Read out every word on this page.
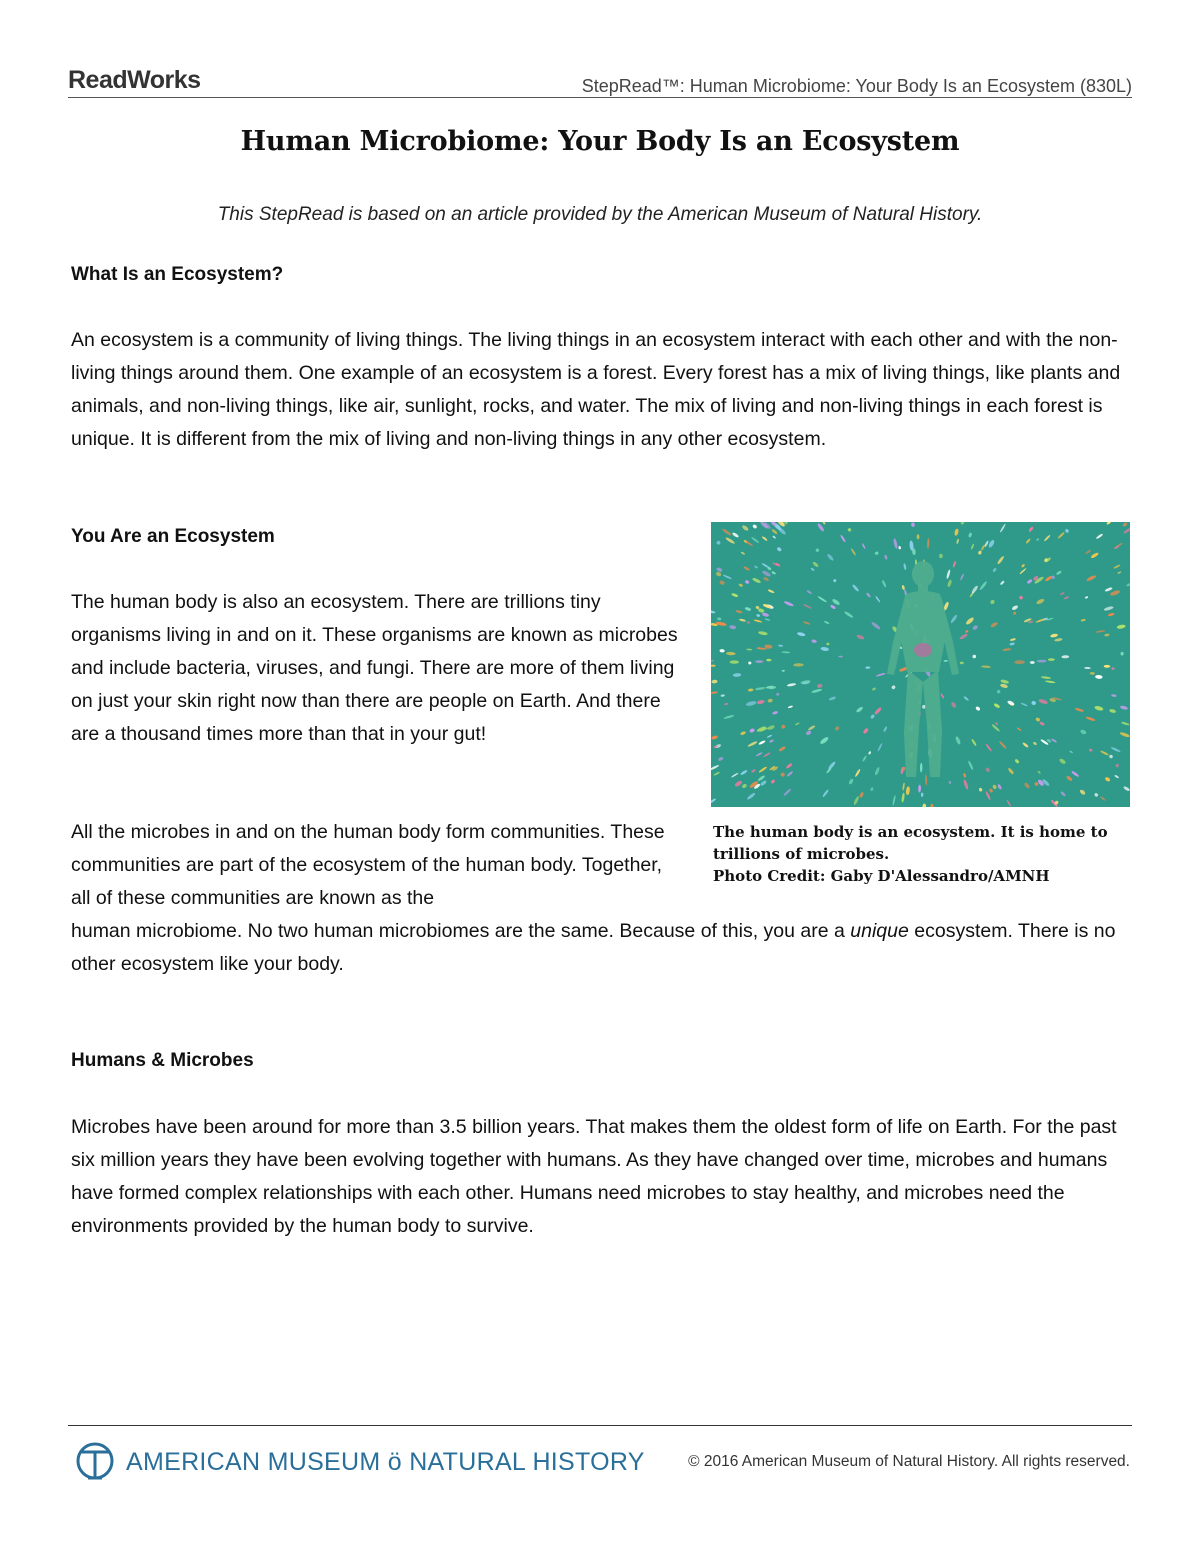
ReadWorks	StepRead™: Human Microbiome: Your Body Is an Ecosystem (830L)
Human Microbiome: Your Body Is an Ecosystem
This StepRead is based on an article provided by the American Museum of Natural History.
What Is an Ecosystem?
An ecosystem is a community of living things. The living things in an ecosystem interact with each other and with the non-living things around them. One example of an ecosystem is a forest. Every forest has a mix of living things, like plants and animals, and non-living things, like air, sunlight, rocks, and water. The mix of living and non-living things in each forest is unique. It is different from the mix of living and non-living things in any other ecosystem.
You Are an Ecosystem
The human body is also an ecosystem. There are trillions tiny organisms living in and on it. These organisms are known as microbes and include bacteria, viruses, and fungi. There are more of them living on just your skin right now than there are people on Earth. And there are a thousand times more than that in your gut!
All the microbes in and on the human body form communities. These communities are part of the ecosystem of the human body. Together, all of these communities are known as the
human microbiome. No two human microbiomes are the same. Because of this, you are a unique ecosystem. There is no other ecosystem like your body.
Humans & Microbes
Microbes have been around for more than 3.5 billion years. That makes them the oldest form of life on Earth. For the past six million years they have been evolving together with humans. As they have changed over time, microbes and humans have formed complex relationships with each other. Humans need microbes to stay healthy, and microbes need the environments provided by the human body to survive.
The human body is an ecosystem. It is home to trillions of microbes.
Photo Credit: Gaby D'Alessandro/AMNH
AMERICAN MUSEUM ö NATURAL HISTORY	© 2016 American Museum of Natural History. All rights reserved.
